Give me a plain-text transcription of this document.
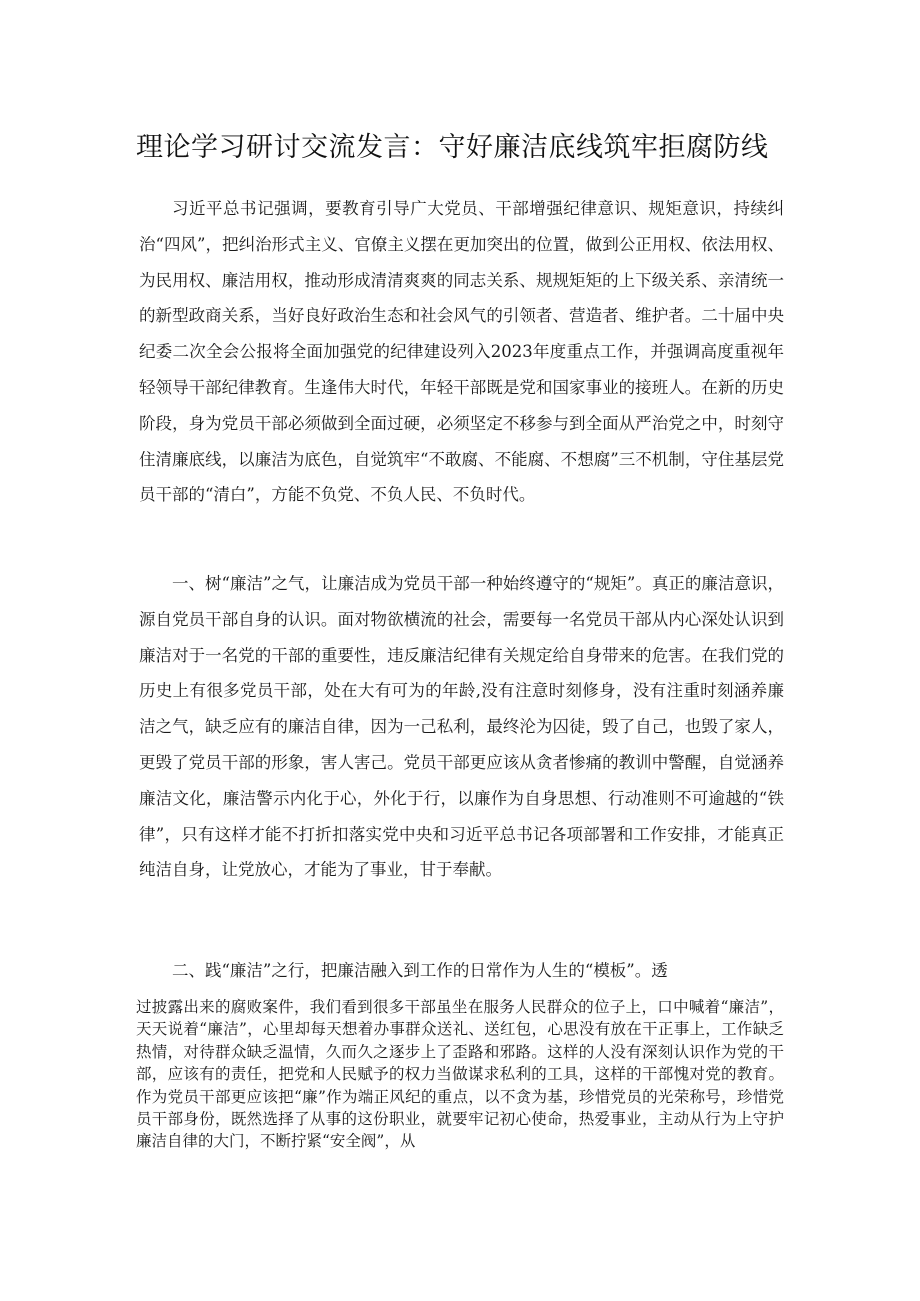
理论学习研讨交流发言：守好廉洁底线筑牢拒腐防线
习近平总书记强调，要教育引导广大党员、干部增强纪律意识、规矩意识，持续纠治“四风”，把纠治形式主义、官僚主义摆在更加突出的位置，做到公正用权、依法用权、为民用权、廉洁用权，推动形成清清爽爽的同志关系、规规矩矩的上下级关系、亲清统一的新型政商关系，当好良好政治生态和社会风气的引领者、营造者、维护者。二十届中央纪委二次全会公报将全面加强党的纪律建设列入2023年度重点工作，并强调高度重视年轻领导干部纪律教育。生逢伟大时代，年轻干部既是党和国家事业的接班人。在新的历史阶段，身为党员干部必须做到全面过硬，必须坚定不移参与到全面从严治党之中，时刻守住清廉底线，以廉洁为底色，自觉筑牢“不敢腐、不能腐、不想腐”三不机制，守住基层党员干部的“清白”，方能不负党、不负人民、不负时代。
一、树“廉洁”之气，让廉洁成为党员干部一种始终遵守的“规矩”。真正的廉洁意识，源自党员干部自身的认识。面对物欲横流的社会，需要每一名党员干部从内心深处认识到廉洁对于一名党的干部的重要性，违反廉洁纪律有关规定给自身带来的危害。在我们党的历史上有很多党员干部，处在大有可为的年龄,没有注意时刻修身，没有注重时刻涵养廉洁之气，缺乏应有的廉洁自律，因为一己私利，最终沦为囚徒，毁了自己，也毁了家人，更毁了党员干部的形象，害人害己。党员干部更应该从贪者惨痛的教训中警醒，自觉涵养廉洁文化，廉洁警示内化于心，外化于行，以廉作为自身思想、行动准则不可逾越的“铁律”，只有这样才能不打折扣落实党中央和习近平总书记各项部署和工作安排，才能真正纯洁自身，让党放心，才能为了事业，甘于奉献。
二、践“廉洁”之行，把廉洁融入到工作的日常作为人生的“模板”。透
过披露出来的腐败案件，我们看到很多干部虽坐在服务人民群众的位子上，口中喊着“廉洁”，天天说着“廉洁”，心里却每天想着办事群众送礼、送红包，心思没有放在干正事上，工作缺乏热情，对待群众缺乏温情，久而久之逐步上了歪路和邪路。这样的人没有深刻认识作为党的干部，应该有的责任，把党和人民赋予的权力当做谋求私利的工具，这样的干部愧对党的教育。作为党员干部更应该把“廉”作为端正风纪的重点，以不贪为基，珍惜党员的光荣称号，珍惜党员干部身份，既然选择了从事的这份职业，就要牢记初心使命，热爱事业，主动从行为上守护廉洁自律的大门，不断拧紧“安全阀”，从
